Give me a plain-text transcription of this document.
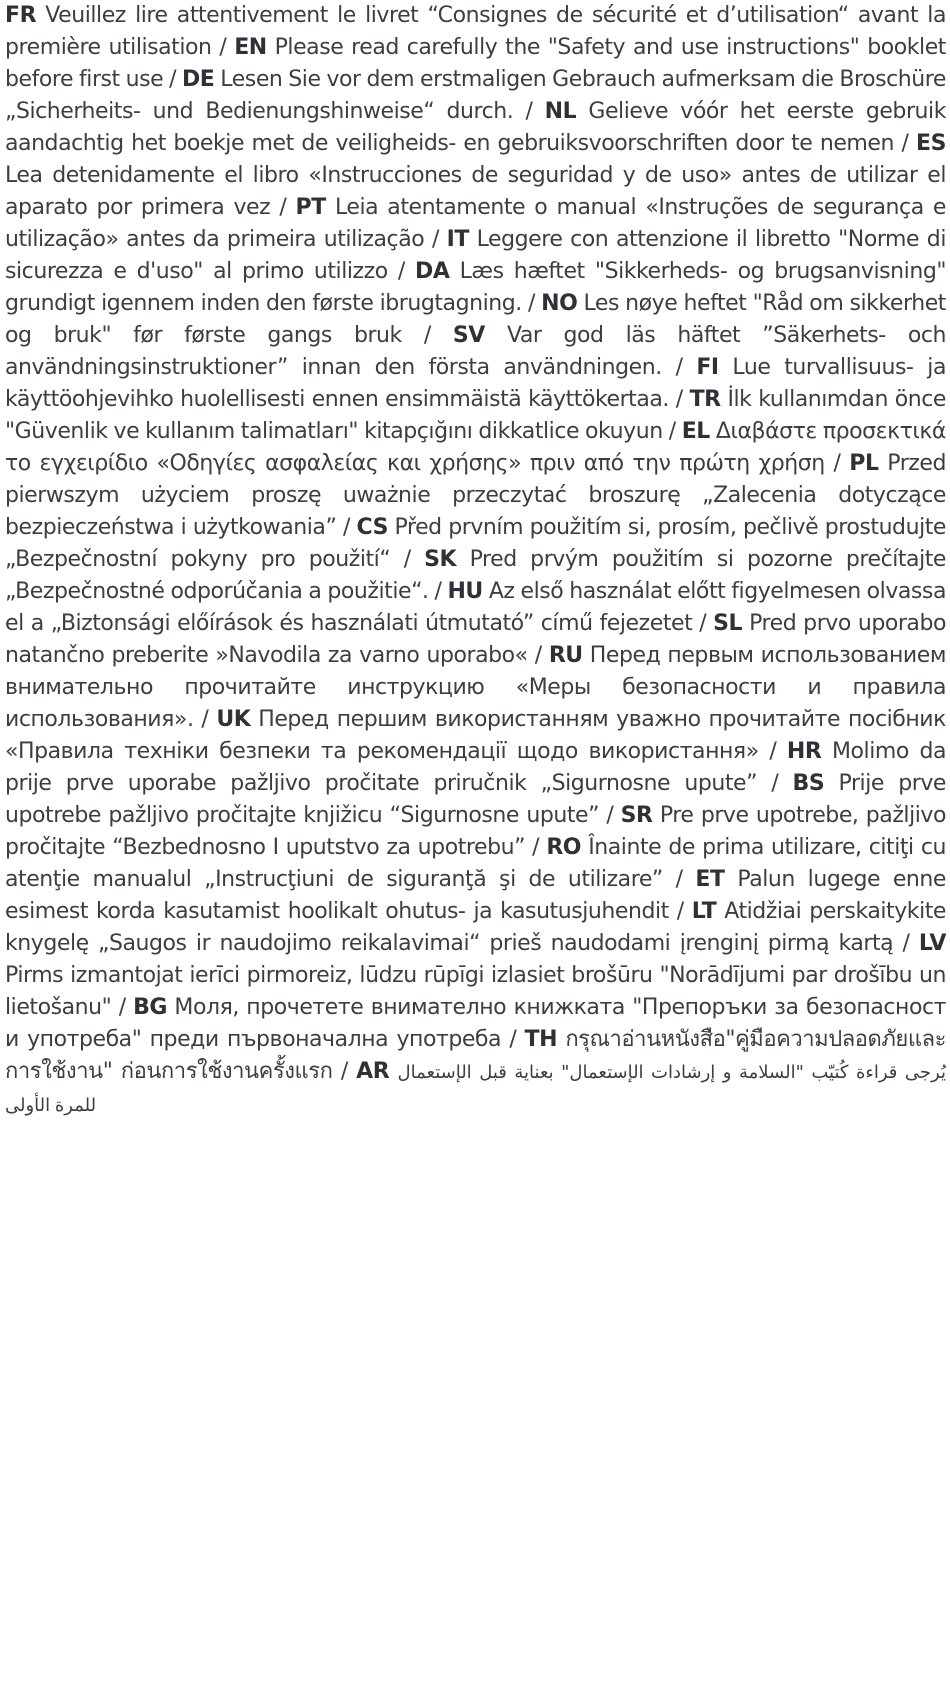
FR Veuillez lire attentivement le livret “Consignes de sécurité et d’utilisation“ avant la première utilisation / EN Please read carefully the "Safety and use instructions" booklet before first use / DE Lesen Sie vor dem erstmaligen Gebrauch aufmerksam die Broschüre „Sicherheits- und Bedienungshinweise“ durch. / NL Gelieve vóór het eerste gebruik aandachtig het boekje met de veiligheids- en gebruiksvoorschriften door te nemen / ES Lea detenidamente el libro «Instrucciones de seguridad y de uso» antes de utilizar el aparato por primera vez / PT Leia atentamente o manual «Instruções de segurança e utilização» antes da primeira utilização / IT Leggere con attenzione il libretto "Norme di sicurezza e d'uso" al primo utilizzo / DA Læs hæftet "Sikkerheds- og brugsanvisning" grundigt igennem inden den første ibrugtagning. / NO Les nøye heftet "Råd om sikkerhet og bruk" før første gangs bruk / SV Var god läs häftet ”Säkerhets- och användningsinstruktioner” innan den första användningen. / FI Lue turvallisuus- ja käyttöohjevihko huolellisesti ennen ensimmäistä käyttökertaa. / TR İlk kullanımdan önce "Güvenlik ve kullanım talimatları" kitapçığını dikkatlice okuyun / EL Διαβάστε προσεκτικά το εγχειρίδιο «Οδηγίες ασφαλείας και χρήσης» πριν από την πρώτη χρήση / PL Przed pierwszym użyciem proszę uważnie przeczytać broszurę „Zalecenia dotyczące bezpieczeństwa i użytkowania” / CS Před prvním použitím si, prosím, pečlivě prostudujte „Bezpečnostní pokyny pro použití“ / SK Pred prvým použitím si pozorne prečítajte „Bezpečnostné odporúčania a použitie“. / HU Az első használat előtt figyelmesen olvassa el a „Biztonsági előírások és használati útmutató” című fejezetet / SL Pred prvo uporabo natančno preberite »Navodila za varno uporabo« / RU Перед первым использованием внимательно прочитайте инструкцию «Меры безопасности и правила использования». / UK Перед першим використанням уважно прочитайте посібник «Правила техніки безпеки та рекомендації щодо використання» / HR Molimo da prije prve uporabe pažljivo pročitate priručnik „Sigurnosne upute” / BS Prije prve upotrebe pažljivo pročitajte knjižicu “Sigurnosne upute” / SR Pre prve upotrebe, pažljivo pročitajte “Bezbednosno I uputstvo za upotrebu” / RO Înainte de prima utilizare, citiţi cu atenţie manualul „Instrucţiuni de siguranţă şi de utilizare” / ET Palun lugege enne esimest korda kasutamist hoolikalt ohutus- ja kasutusjuhendit / LT Atidžiai perskaitykite knygelę „Saugos ir naudojimo reikalavimai“ prieš naudodami įrenginį pirmą kartą / LV Pirms izmantojat ierīci pirmoreiz, lūdzu rūpīgi izlasiet brošūru "Norādījumi par drošību un lietošanu" / BG Моля, прочетете внимателно книжката "Препоръки за безопасност и употреба" преди първоначална употреба / TH กรุณาอ่านหนังสือ"คู่มือความปลอดภัยและการใช้งาน" ก่อนการใช้งานครั้งแรก / AR يُرجى قراءة كُتيّب "السلامة و إرشادات الإستعمال" بعناية قبل الإستعمال للمرة الأولى
